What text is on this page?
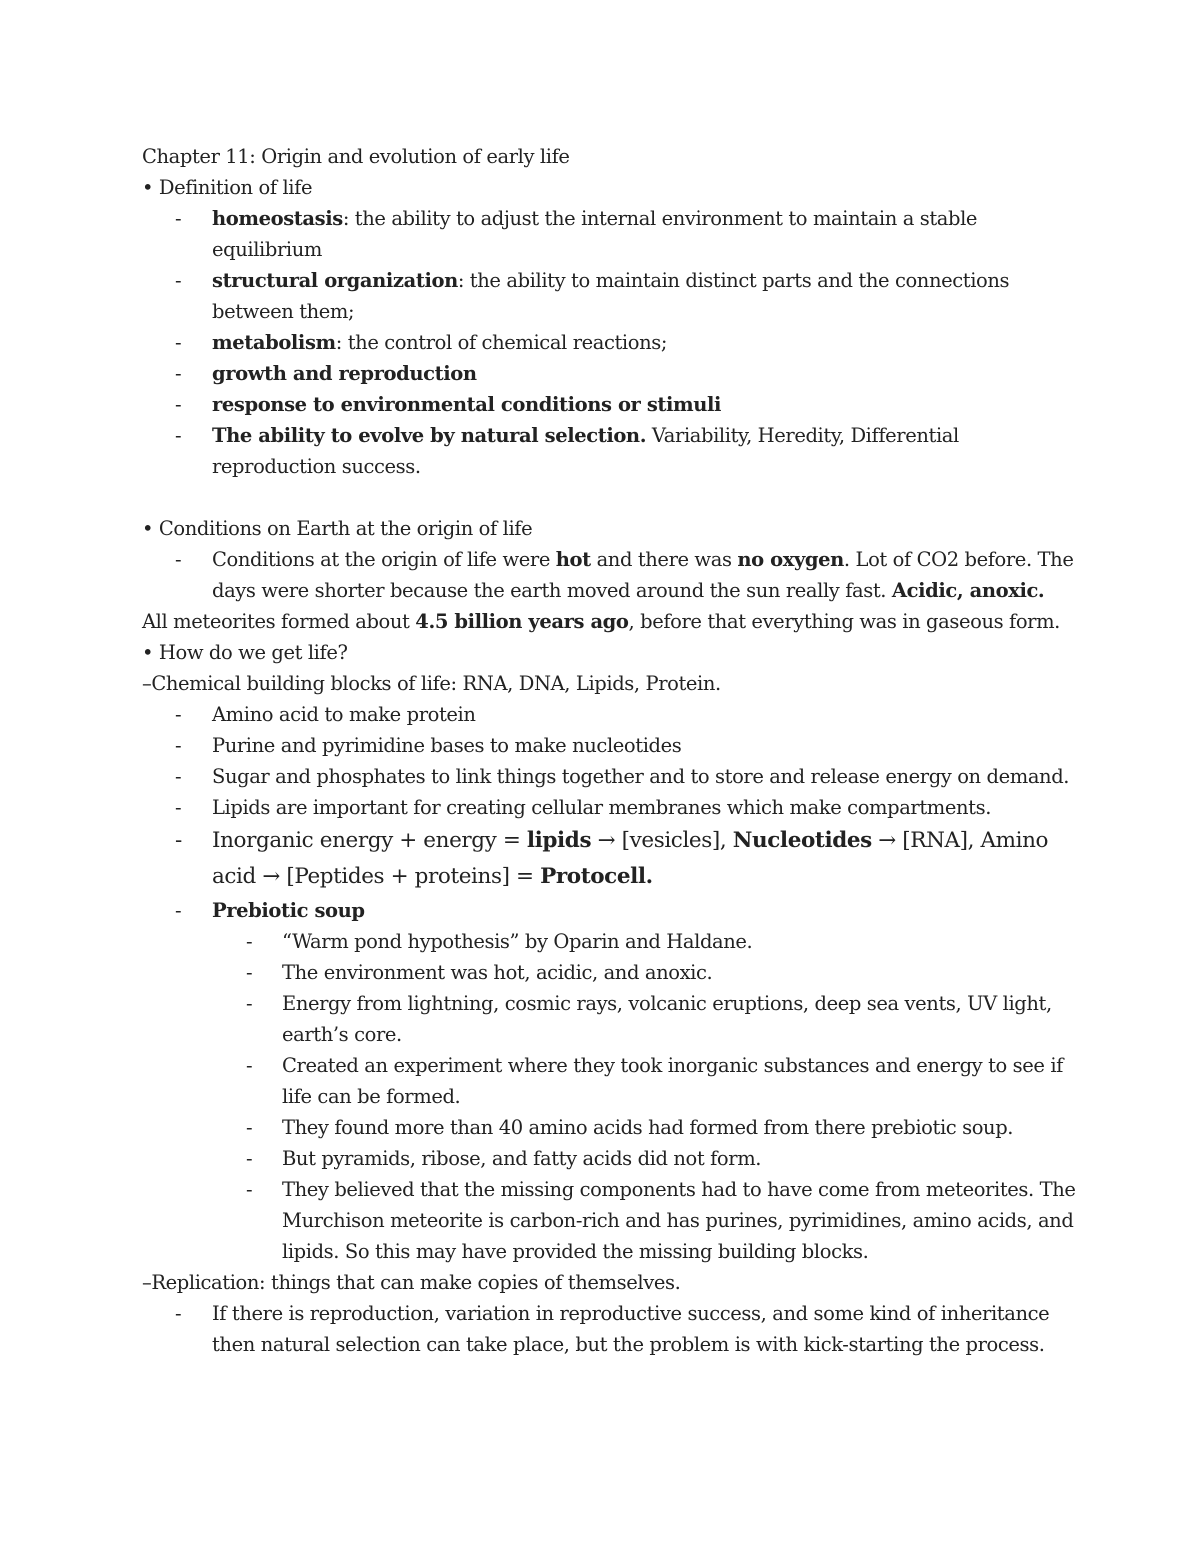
Chapter 11: Origin and evolution of early life

• Definition of life

-	homeostasis: the ability to adjust the internal environment to maintain a stable equilibrium
-	structural organization: the ability to maintain distinct parts and the connections between them;
-	metabolism: the control of chemical reactions;
-	growth and reproduction
-	response to environmental conditions or stimuli
-	The ability to evolve by natural selection. Variability, Heredity, Differential reproduction success.

• Conditions on Earth at the origin of life

-	Conditions at the origin of life were hot and there was no oxygen. Lot of CO2 before. The days were shorter because the earth moved around the sun really fast. Acidic, anoxic.

All meteorites formed about 4.5 billion years ago, before that everything was in gaseous form.

• How do we get life?

–Chemical building blocks of life: RNA, DNA, Lipids, Protein.

-	Amino acid to make protein
-	Purine and pyrimidine bases to make nucleotides
-	Sugar and phosphates to link things together and to store and release energy on demand.
-	Lipids are important for creating cellular membranes which make compartments.
-	Inorganic energy + energy = lipids → [vesicles], Nucleotides → [RNA], Amino acid → [Peptides + proteins] = Protocell.
-	Prebiotic soup
-	“Warm pond hypothesis” by Oparin and Haldane.
-	The environment was hot, acidic, and anoxic.
-	Energy from lightning, cosmic rays, volcanic eruptions, deep sea vents, UV light, earth’s core.
-	Created an experiment where they took inorganic substances and energy to see if life can be formed.
-	They found more than 40 amino acids had formed from there prebiotic soup.
-	But pyramids, ribose, and fatty acids did not form.
-	They believed that the missing components had to have come from meteorites. The Murchison meteorite is carbon-rich and has purines, pyrimidines, amino acids, and lipids. So this may have provided the missing building blocks.

–Replication: things that can make copies of themselves.

-	If there is reproduction, variation in reproductive success, and some kind of inheritance then natural selection can take place, but the problem is with kick-starting the process.
